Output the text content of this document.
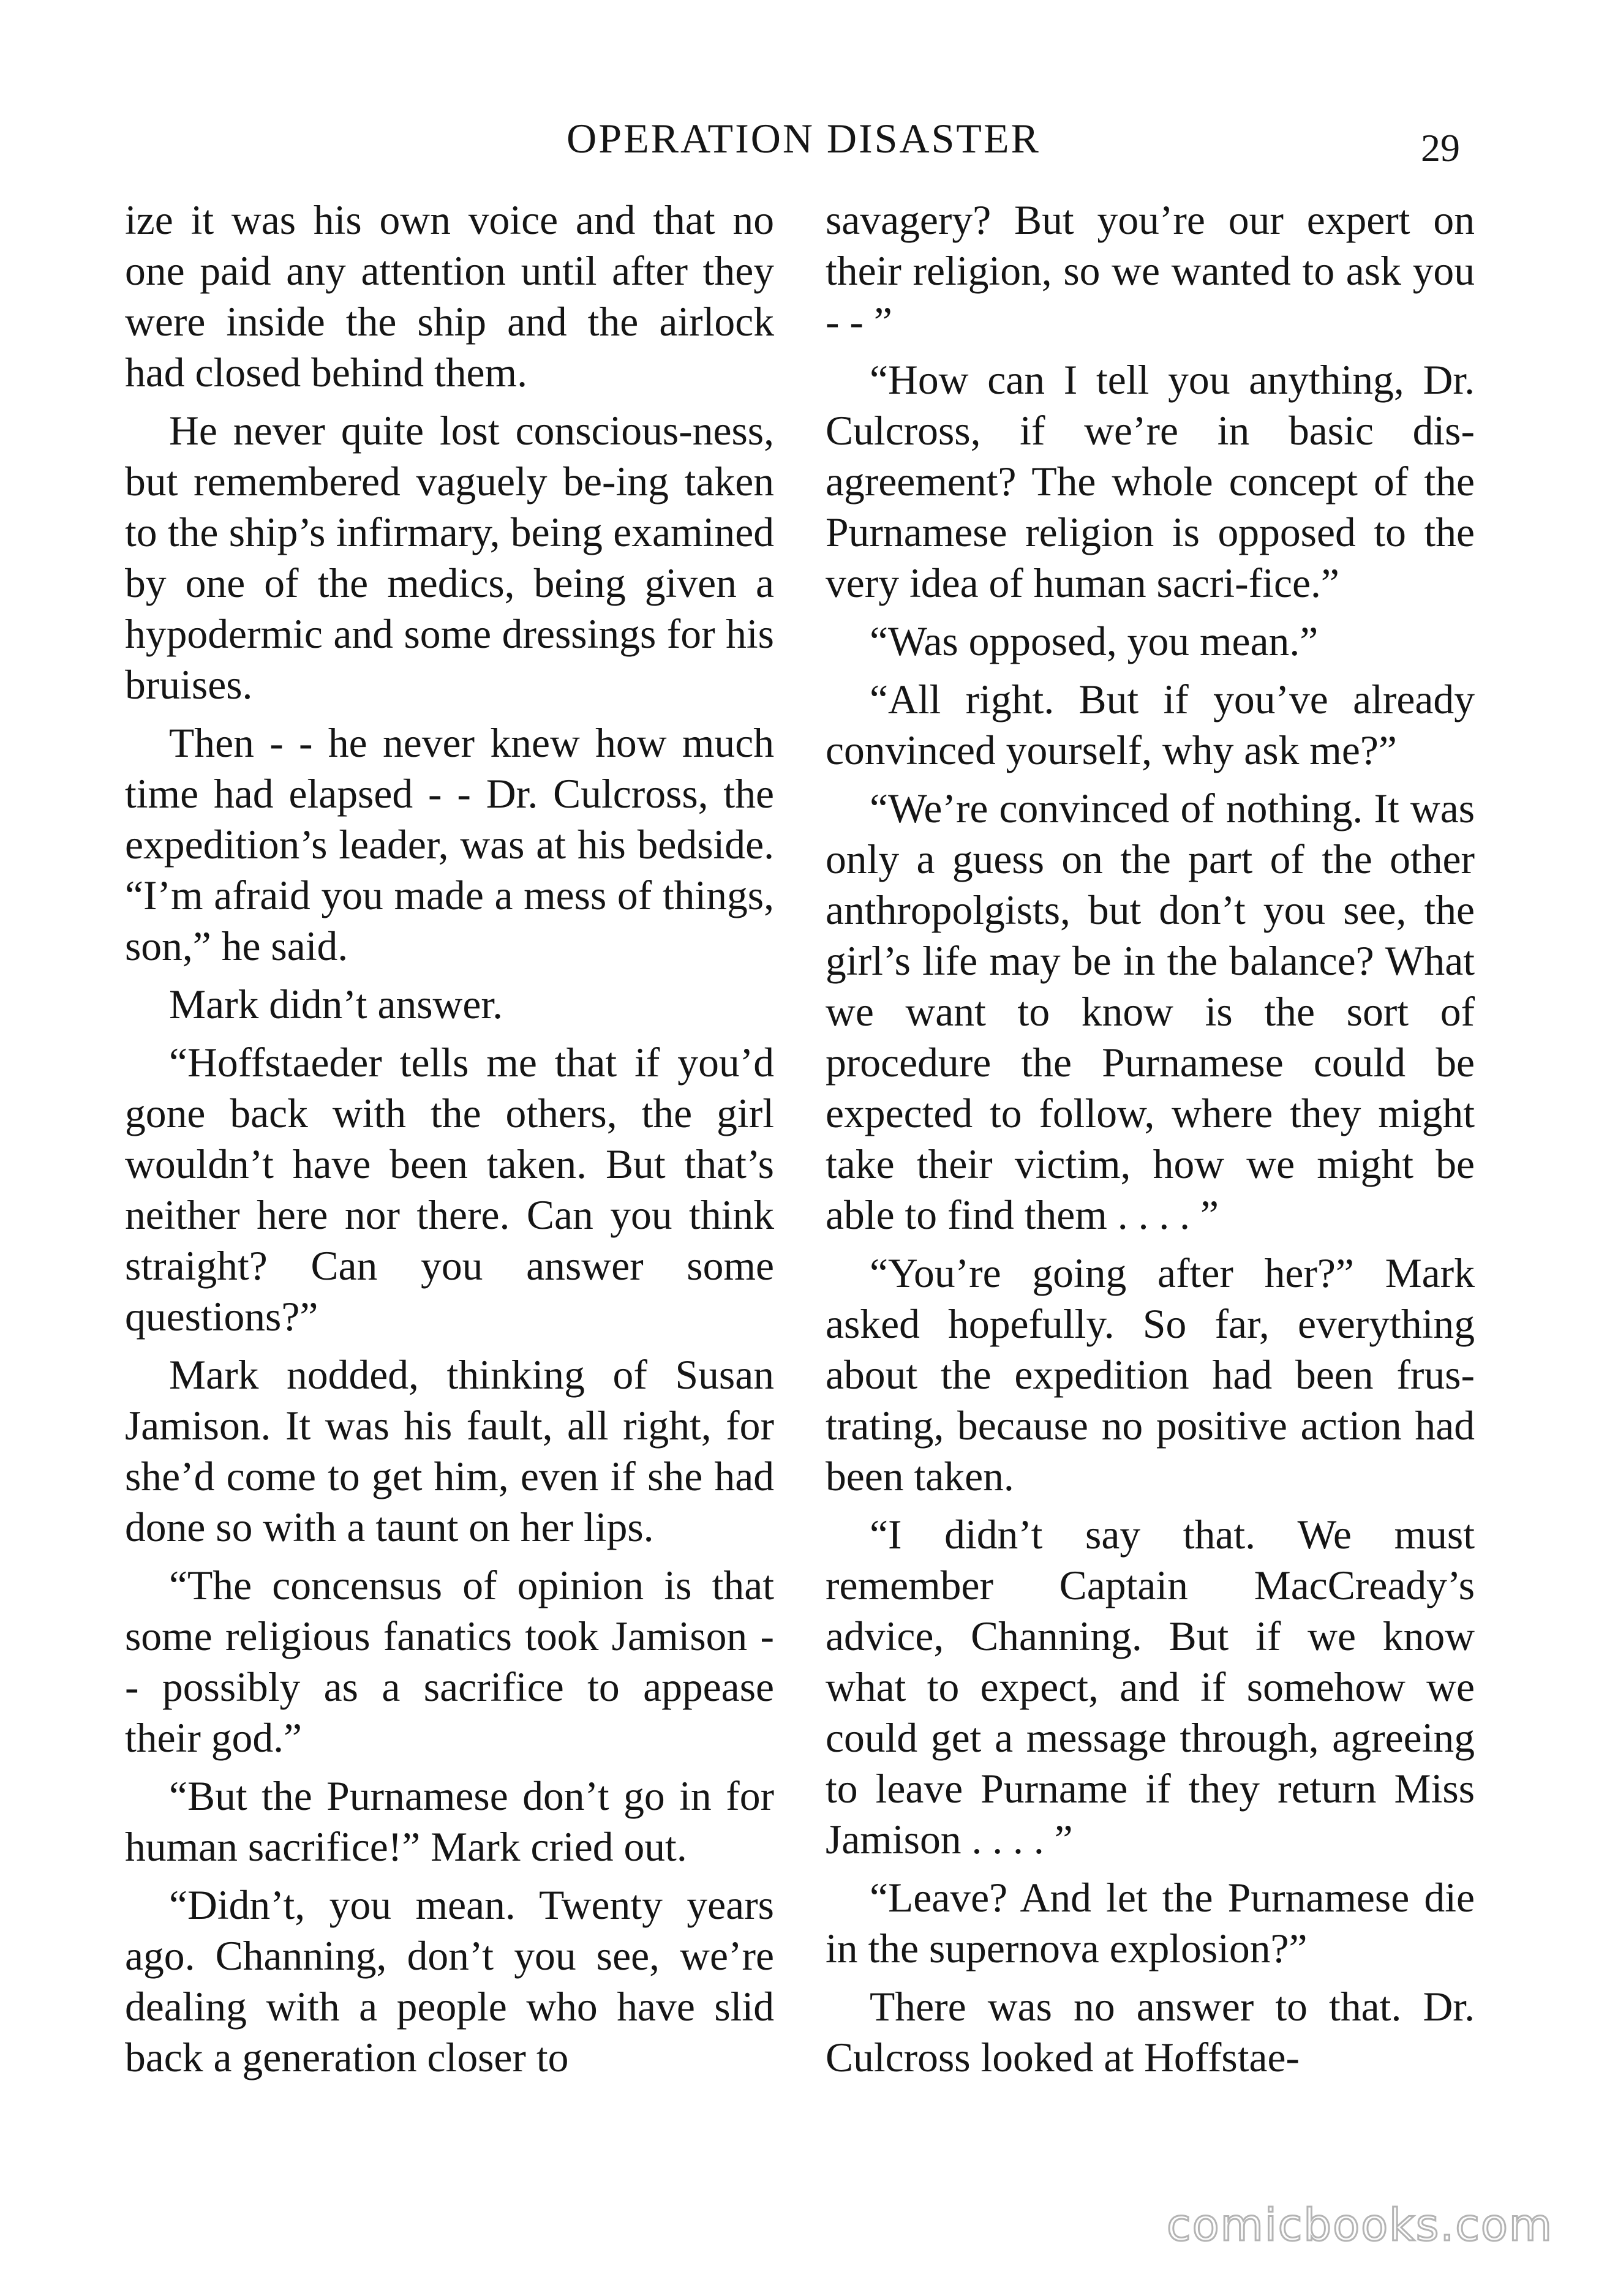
OPERATION DISASTER	29

ize it was his own voice and that no one paid any attention until after they were inside the ship and the airlock had closed behind them.

He never quite lost conscious-ness, but remembered vaguely be-ing taken to the ship’s infirmary, being examined by one of the medics, being given a hypodermic and some dressings for his bruises.

Then - - he never knew how much time had elapsed - - Dr. Culcross, the expedition’s leader, was at his bedside. “I’m afraid you made a mess of things, son,” he said.

Mark didn’t answer.

“Hoffstaeder tells me that if you’d gone back with the others, the girl wouldn’t have been taken. But that’s neither here nor there. Can you think straight? Can you answer some questions?”

Mark nodded, thinking of Susan Jamison. It was his fault, all right, for she’d come to get him, even if she had done so with a taunt on her lips.

“The concensus of opinion is that some religious fanatics took Jamison - - possibly as a sacrifice to appease their god.”

“But the Purnamese don’t go in for human sacrifice!” Mark cried out.

“Didn’t, you mean. Twenty years ago. Channing, don’t you see, we’re dealing with a people who have slid back a generation closer to

savagery? But you’re our expert on their religion, so we wanted to ask you - - ”

“How can I tell you anything, Dr. Culcross, if we’re in basic dis-agreement? The whole concept of the Purnamese religion is opposed to the very idea of human sacri-fice.”

“Was opposed, you mean.”

“All right. But if you’ve already convinced yourself, why ask me?”

“We’re convinced of nothing. It was only a guess on the part of the other anthropolgists, but don’t you see, the girl’s life may be in the balance? What we want to know is the sort of procedure the Purnamese could be expected to follow, where they might take their victim, how we might be able to find them . . . . ”

“You’re going after her?” Mark asked hopefully. So far, everything about the expedition had been frus-trating, because no positive action had been taken.

“I didn’t say that. We must remember Captain MacCready’s advice, Channing. But if we know what to expect, and if somehow we could get a message through, agreeing to leave Purname if they return Miss Jamison . . . . ”

“Leave? And let the Purnamese die in the supernova explosion?”

There was no answer to that. Dr. Culcross looked at Hoffstae-

comicbooks.com
